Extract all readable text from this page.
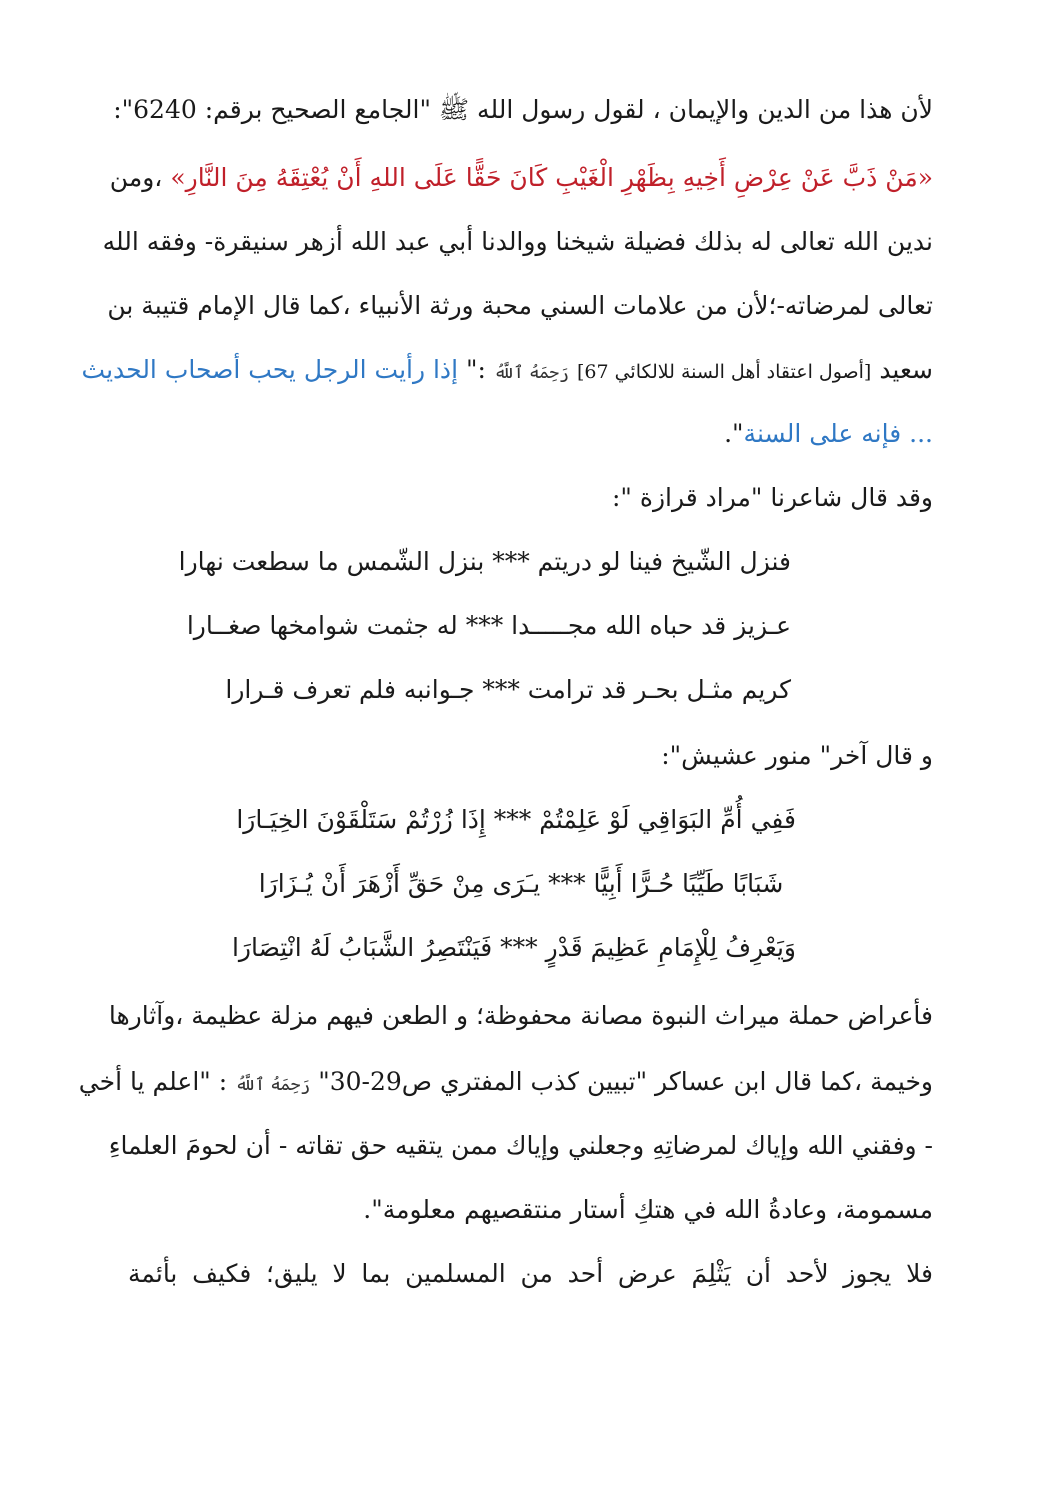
لأن هذا من الدين والإيمان ، لقول رسول الله ﷺ "الجامع الصحيح برقم: 6240":
«مَنْ ذَبَّ عَنْ عِرْضِ أَخِيهِ بِظَهْرِ الْغَيْبِ كَانَ حَقًّا عَلَى اللهِ أَنْ يُعْتِقَهُ مِنَ النَّارِ» ،ومن
ندين الله تعالى له بذلك فضيلة شيخنا ووالدنا أبي عبد الله أزهر سنيقرة- وفقه الله
تعالى لمرضاته-؛لأن من علامات السني محبة ورثة الأنبياء ،كما قال الإمام قتيبة بن
سعيد [أصول اعتقاد أهل السنة للالكائي 67] رَحِمَهُ ٱللَّهُ :" إذا رأيت الرجل يحب أصحاب الحديث
... فإنه على السنة".
وقد قال شاعرنا "مراد قرازة ":
فنزل الشّيخ فينا لو دريتم *** بنزل الشّمس ما سطعت نهارا
عـزيز قد حباه الله مجـــــدا *** له جثمت شوامخها صغــارا
كريم مثـل بحـر قد ترامت *** جـوانبه فلم تعرف قـرارا
و قال آخر" منور عشيش":
فَفِي أُمِّ البَوَاقِي لَوْ عَلِمْتُمْ *** إِذَا زُرْتُمْ سَتَلْقَوْنَ الخِيَـارَا
شَبَابًا طَيِّبًا حُـرًّا أَبِيًّا *** يـَرَى مِنْ حَقِّ أَزْهَرَ أَنْ يُـزَارَا
وَيَعْرِفُ لِلْإِمَامِ عَظِيمَ قَدْرٍ *** فَيَنْتَصِرُ الشَّبَابُ لَهُ انْتِصَارَا
فأعراض حملة ميراث النبوة مصانة محفوظة؛ و الطعن فيهم مزلة عظيمة ،وآثارها
وخيمة ،كما قال ابن عساكر "تبيين كذب المفتري ص29-30" رَحِمَهُ ٱللَّهُ : "اعلم يا أخي
- وفقني الله وإياك لمرضاتِهِ وجعلني وإياك ممن يتقيه حق تقاته - أن لحومَ العلماءِ
مسمومة، وعادةُ الله في هتكِ أستار منتقصيهم معلومة".
فلا يجوز لأحد أن يَثْلِمَ عرض أحد من المسلمين بما لا يليق؛ فكيف بأئمة
